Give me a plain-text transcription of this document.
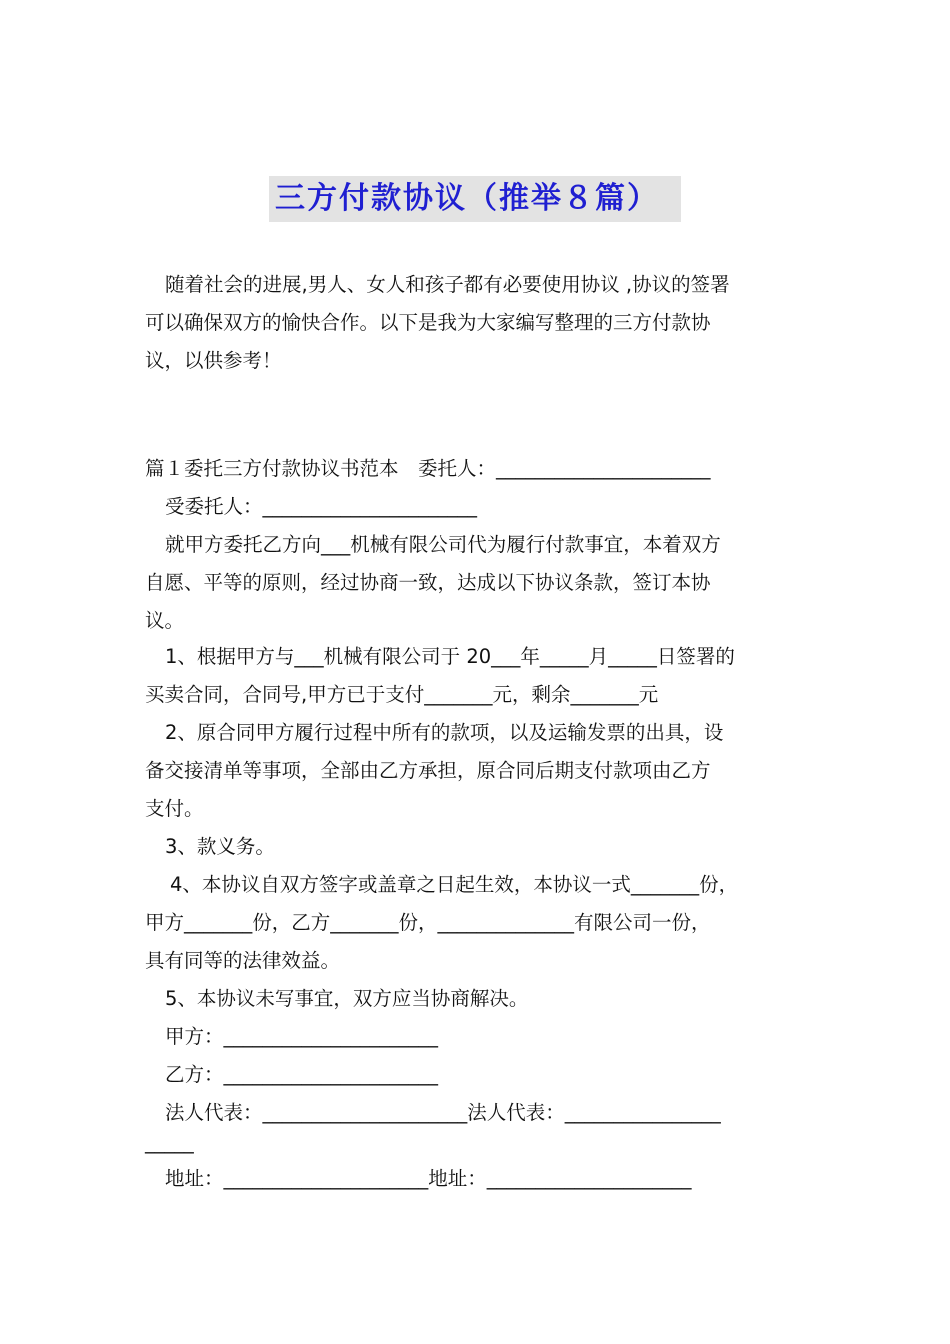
三方付款协议（推举８篇）
随着社会的进展,男人、女人和孩子都有必要使用协议 ,协议的签署
可以确保双方的愉快合作。以下是我为大家编写整理的三方付款协
议，以供参考！
篇１委托三方付款协议书范本　委托人：______________________
受委托人：______________________
就甲方委托乙方向___机械有限公司代为履行付款事宜，本着双方
自愿、平等的原则，经过协商一致，达成以下协议条款，签订本协
议。
1、根据甲方与___机械有限公司于 20___年_____月_____日签署的
买卖合同，合同号,甲方已于支付_______元，剩余_______元
2、原合同甲方履行过程中所有的款项，以及运输发票的出具，设
备交接清单等事项，全部由乙方承担，原合同后期支付款项由乙方
支付。
3、款义务。
4、本协议自双方签字或盖章之日起生效，本协议一式_______份，
甲方_______份，乙方_______份，______________有限公司一份，
具有同等的法律效益。
5、本协议未写事宜，双方应当协商解决。
甲方：______________________
乙方：______________________
法人代表：_____________________法人代表：________________
_____
地址：_____________________地址：_____________________
